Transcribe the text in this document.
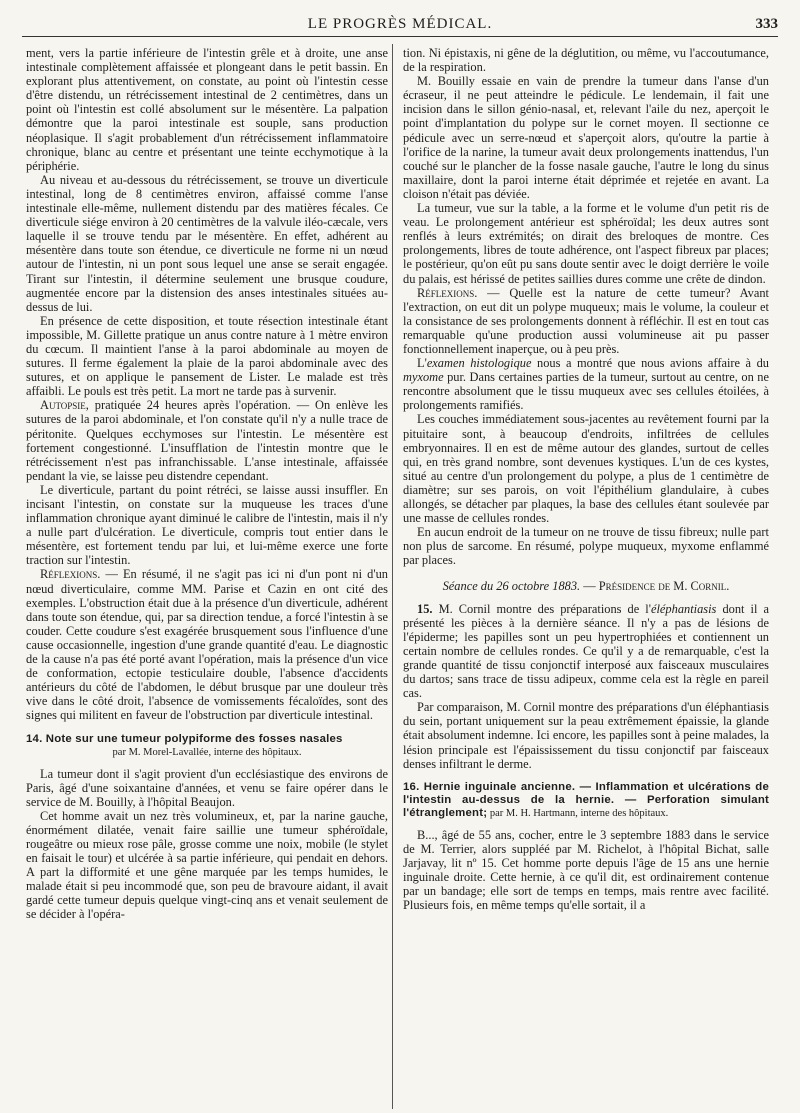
LE PROGRÈS MÉDICAL.	333

ment, vers la partie inférieure de l'intestin grêle et à droite, une anse intestinale complètement affaissée et plongeant dans le petit bassin. En explorant plus attentivement, on constate, au point où l'intestin cesse d'être distendu, un rétrécissement intestinal de 2 centimètres, dans un point où l'intestin est collé absolument sur le mésentère. La palpation démontre que la paroi intestinale est souple, sans production néoplasique. Il s'agit probablement d'un rétrécissement inflammatoire chronique, blanc au centre et présentant une teinte ecchymotique à la périphérie.

Au niveau et au-dessous du rétrécissement, se trouve un diverticule intestinal, long de 8 centimètres environ, affaissé comme l'anse intestinale elle-même, nullement distendu par des matières fécales. Ce diverticule siége environ à 20 centimètres de la valvule iléo-cæcale, vers laquelle il se trouve tendu par le mésentère. En effet, adhérent au mésentère dans toute son étendue, ce diverticule ne forme ni un nœud autour de l'intestin, ni un pont sous lequel une anse se serait engagée. Tirant sur l'intestin, il détermine seulement une brusque coudure, augmentée encore par la distension des anses intestinales situées au-dessus de lui.

En présence de cette disposition, et toute résection intestinale étant impossible, M. Gillette pratique un anus contre nature à 1 mètre environ du cœcum. Il maintient l'anse à la paroi abdominale au moyen de sutures. Il ferme également la plaie de la paroi abdominale avec des sutures, et on applique le pansement de Lister. Le malade est très affaibli. Le pouls est très petit. La mort ne tarde pas à survenir.

Autopsie, pratiquée 24 heures après l'opération. — On enlève les sutures de la paroi abdominale, et l'on constate qu'il n'y a nulle trace de péritonite. Quelques ecchymoses sur l'intestin. Le mésentère est fortement congestionné. L'insufflation de l'intestin montre que le rétrécissement n'est pas infranchissable. L'anse intestinale, affaissée pendant la vie, se laisse peu distendre cependant.

Le diverticule, partant du point rétréci, se laisse aussi insuffler. En incisant l'intestin, on constate sur la muqueuse les traces d'une inflammation chronique ayant diminué le calibre de l'intestin, mais il n'y a nulle part d'ulcération. Le diverticule, compris tout entier dans le mésentère, est fortement tendu par lui, et lui-même exerce une forte traction sur l'intestin.

Réflexions. — En résumé, il ne s'agit pas ici ni d'un pont ni d'un nœud diverticulaire, comme MM. Parise et Cazin en ont cité des exemples. L'obstruction était due à la présence d'un diverticule, adhérent dans toute son étendue, qui, par sa direction tendue, a forcé l'intestin à se couder. Cette coudure s'est exagérée brusquement sous l'influence d'une cause occasionnelle, ingestion d'une grande quantité d'eau. Le diagnostic de la cause n'a pas été porté avant l'opération, mais la présence d'un vice de conformation, ectopie testiculaire double, l'absence d'accidents antérieurs du côté de l'abdomen, le début brusque par une douleur très vive dans le côté droit, l'absence de vomissements fécaloïdes, sont des signes qui militent en faveur de l'obstruction par diverticule intestinal.

14. Note sur une tumeur polypiforme des fosses nasales
par M. Morel-Lavallée, interne des hôpitaux.

La tumeur dont il s'agit provient d'un ecclésiastique des environs de Paris, âgé d'une soixantaine d'années, et venu se faire opérer dans le service de M. Bouilly, à l'hôpital Beaujon.

Cet homme avait un nez très volumineux, et, par la narine gauche, énormément dilatée, venait faire saillie une tumeur sphéroïdale, rougeâtre ou mieux rose pâle, grosse comme une noix, mobile (le stylet en faisait le tour) et ulcérée à sa partie inférieure, qui pendait en dehors. A part la difformité et une gêne marquée par les temps humides, le malade était si peu incommodé que, son peu de bravoure aidant, il avait gardé cette tumeur depuis quelque vingt-cinq ans et venait seulement de se décider à l'opéra-

tion. Ni épistaxis, ni gêne de la déglutition, ou même, vu l'accoutumance, de la respiration.

M. Bouilly essaie en vain de prendre la tumeur dans l'anse d'un écraseur, il ne peut atteindre le pédicule. Le lendemain, il fait une incision dans le sillon génio-nasal, et, relevant l'aile du nez, aperçoit le point d'implantation du polype sur le cornet moyen. Il sectionne ce pédicule avec un serre-nœud et s'aperçoit alors, qu'outre la partie à l'orifice de la narine, la tumeur avait deux prolongements inattendus, l'un couché sur le plancher de la fosse nasale gauche, l'autre le long du sinus maxillaire, dont la paroi interne était déprimée et rejetée en avant. La cloison n'était pas déviée.

La tumeur, vue sur la table, a la forme et le volume d'un petit ris de veau. Le prolongement antérieur est sphéroïdal; les deux autres sont renflés à leurs extrémités; on dirait des breloques de montre. Ces prolongements, libres de toute adhérence, ont l'aspect fibreux par places; le postérieur, qu'on eût pu sans doute sentir avec le doigt derrière le voile du palais, est hérissé de petites saillies dures comme une crête de dindon.

Réflexions. — Quelle est la nature de cette tumeur? Avant l'extraction, on eut dit un polype muqueux; mais le volume, la couleur et la consistance de ses prolongements donnent à réfléchir. Il est en tout cas remarquable qu'une production aussi volumineuse ait pu passer fonctionnellement inaperçue, ou à peu près.

L'examen histologique nous a montré que nous avions affaire à du myxome pur. Dans certaines parties de la tumeur, surtout au centre, on ne rencontre absolument que le tissu muqueux avec ses cellules étoilées, à prolongements ramifiés.

Les couches immédiatement sous-jacentes au revêtement fourni par la pituitaire sont, à beaucoup d'endroits, infiltrées de cellules embryonnaires. Il en est de même autour des glandes, surtout de celles qui, en très grand nombre, sont devenues kystiques. L'un de ces kystes, situé au centre d'un prolongement du polype, a plus de 1 centimètre de diamètre; sur ses parois, on voit l'épithélium glandulaire, à cubes allongés, se détacher par plaques, la base des cellules étant soulevée par une masse de cellules rondes.

En aucun endroit de la tumeur on ne trouve de tissu fibreux; nulle part non plus de sarcome. En résumé, polype muqueux, myxome enflammé par places.

Séance du 26 octobre 1883. — Présidence de M. Cornil.

15. M. Cornil montre des préparations de l'éléphantiasis dont il a présenté les pièces à la dernière séance. Il n'y a pas de lésions de l'épiderme; les papilles sont un peu hypertrophiées et contiennent un certain nombre de cellules rondes. Ce qu'il y a de remarquable, c'est la grande quantité de tissu conjonctif interposé aux faisceaux musculaires du dartos; sans trace de tissu adipeux, comme cela est la règle en pareil cas.

Par comparaison, M. Cornil montre des préparations d'un éléphantiasis du sein, portant uniquement sur la peau extrêmement épaissie, la glande était absolument indemne. Ici encore, les papilles sont à peine malades, la lésion principale est l'épaississement du tissu conjonctif par faisceaux denses infiltrant le derme.

16. Hernie inguinale ancienne. — Inflammation et ulcérations de l'intestin au-dessus de la hernie. — Perforation simulant l'étranglement; par M. H. Hartmann, interne des hôpitaux.

B..., âgé de 55 ans, cocher, entre le 3 septembre 1883 dans le service de M. Terrier, alors suppléé par M. Richelot, à l'hôpital Bichat, salle Jarjavay, lit nº 15. Cet homme porte depuis l'âge de 15 ans une hernie inguinale droite. Cette hernie, à ce qu'il dit, est ordinairement contenue par un bandage; elle sort de temps en temps, mais rentre avec facilité. Plusieurs fois, en même temps qu'elle sortait, il a
